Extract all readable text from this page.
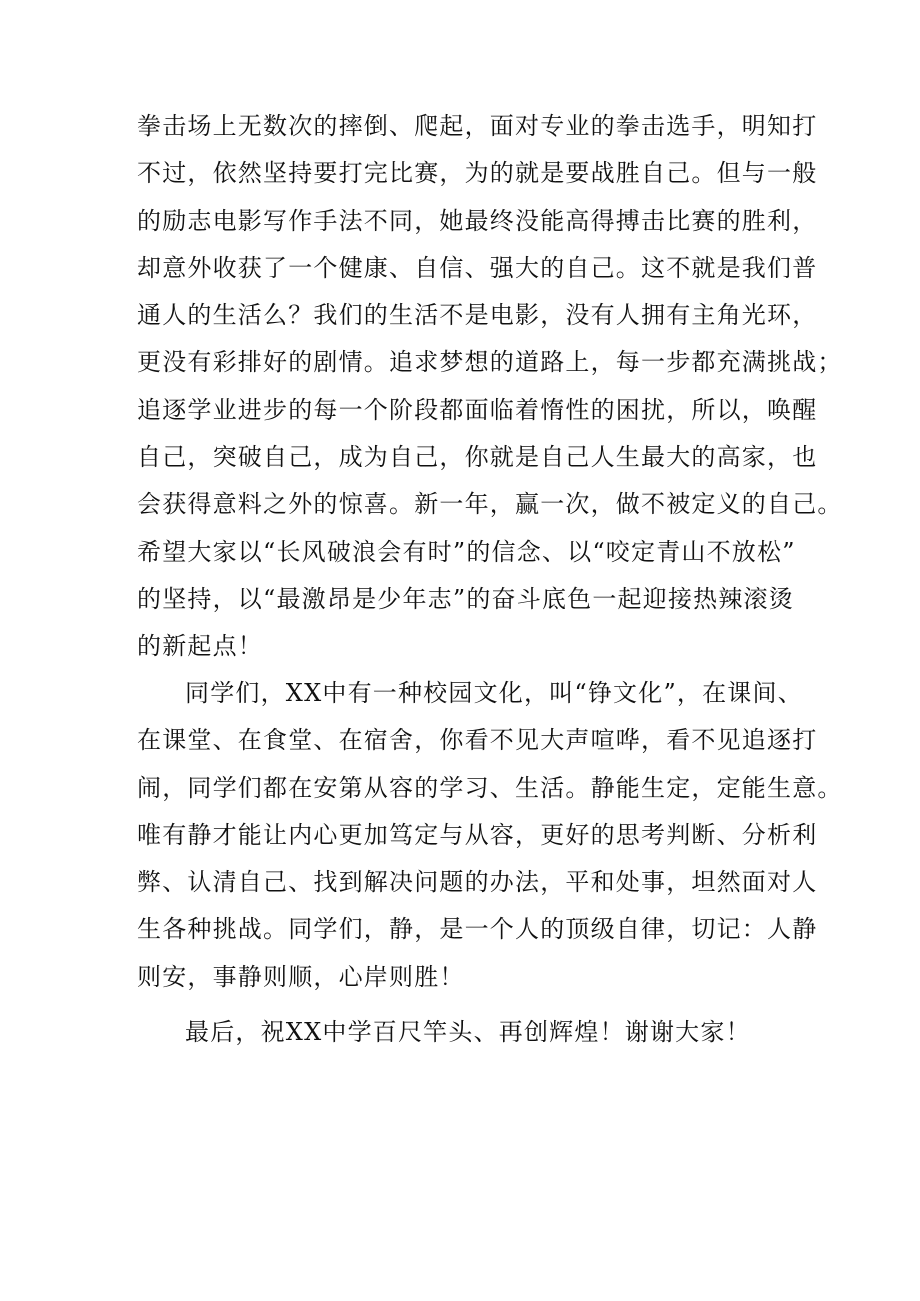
拳击场上无数次的摔倒、爬起，面对专业的拳击选手，明知打
不过，依然坚持要打完比赛，为的就是要战胜自己。但与一般
的励志电影写作手法不同，她最终没能高得搏击比赛的胜利，
却意外收获了一个健康、自信、强大的自己。这不就是我们普
通人的生活么？我们的生活不是电影，没有人拥有主角光环，
更没有彩排好的剧情。追求梦想的道路上，每一步都充满挑战；
追逐学业进步的每一个阶段都面临着惰性的困扰，所以，唤醒
自己，突破自己，成为自己，你就是自己人生最大的高家，也
会获得意料之外的惊喜。新一年，赢一次，做不被定义的自己。
希望大家以“长风破浪会有时”的信念、以“咬定青山不放松”
的坚持，以“最激昂是少年志”的奋斗底色一起迎接热辣滚烫
的新起点！
同学们，XX中有一种校园文化，叫“铮文化”，在课间、
在课堂、在食堂、在宿舍，你看不见大声喧哗，看不见追逐打
闹，同学们都在安第从容的学习、生活。静能生定，定能生意。
唯有静才能让内心更加笃定与从容，更好的思考判断、分析利
弊、认清自己、找到解决问题的办法，平和处事，坦然面对人
生各种挑战。同学们，静，是一个人的顶级自律，切记：人静
则安，事静则顺，心岸则胜！
最后，祝XX中学百尺竿头、再创辉煌！谢谢大家！
